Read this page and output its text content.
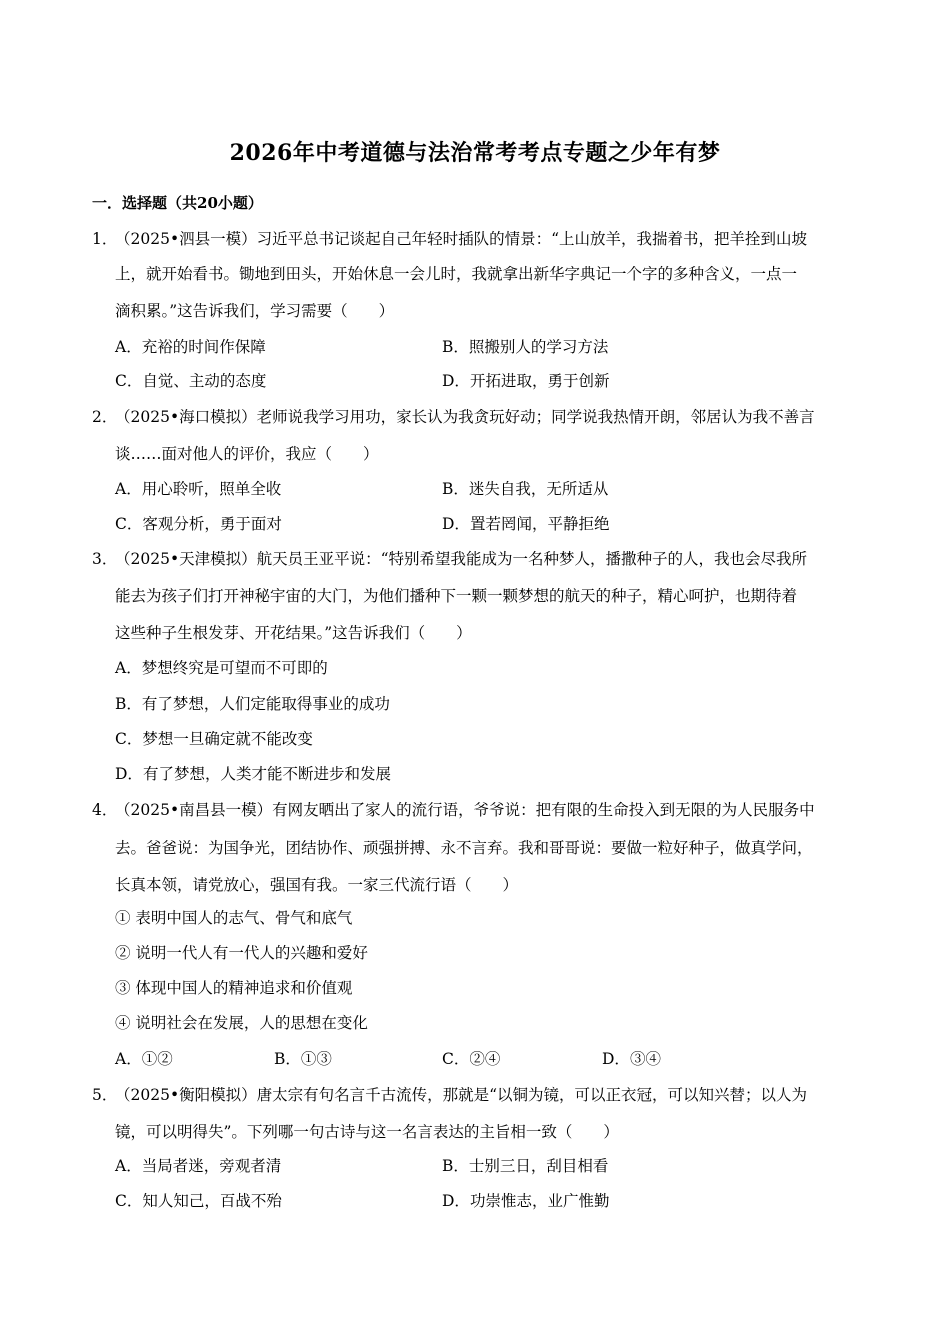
2026年中考道德与法治常考考点专题之少年有梦
一．选择题（共20小题）
1．
（2025•泗县一模）习近平总书记谈起自己年轻时插队的情景：“上山放羊，我揣着书，把羊拴到山坡
上，就开始看书。锄地到田头，开始休息一会儿时，我就拿出新华字典记一个字的多种含义，一点一
滴积累。”这告诉我们，学习需要（　　）
A．充裕的时间作保障	B．照搬别人的学习方法
C．自觉、主动的态度	D．开拓进取，勇于创新
2．
（2025•海口模拟）老师说我学习用功，家长认为我贪玩好动；同学说我热情开朗，邻居认为我不善言
谈……面对他人的评价，我应（　　）
A．用心聆听，照单全收	B．迷失自我，无所适从
C．客观分析，勇于面对	D．置若罔闻，平静拒绝
3．
（2025•天津模拟）航天员王亚平说：“特别希望我能成为一名种梦人，播撒种子的人，我也会尽我所
能去为孩子们打开神秘宇宙的大门，为他们播种下一颗一颗梦想的航天的种子，精心呵护，也期待着
这些种子生根发芽、开花结果。”这告诉我们（　　）
A．梦想终究是可望而不可即的
B．有了梦想，人们定能取得事业的成功
C．梦想一旦确定就不能改变
D．有了梦想，人类才能不断进步和发展
4．
（2025•南昌县一模）有网友晒出了家人的流行语，爷爷说：把有限的生命投入到无限的为人民服务中
去。爸爸说：为国争光，团结协作、顽强拼搏、永不言弃。我和哥哥说：要做一粒好种子，做真学问，
长真本领，请党放心，强国有我。一家三代流行语（　　）
① 表明中国人的志气、骨气和底气
② 说明一代人有一代人的兴趣和爱好
③ 体现中国人的精神追求和价值观
④ 说明社会在发展，人的思想在变化
A．①②	B．①③	C．②④	D．③④
5．
（2025•衡阳模拟）唐太宗有句名言千古流传，那就是“以铜为镜，可以正衣冠，可以知兴替；以人为
镜，可以明得失”。下列哪一句古诗与这一名言表达的主旨相一致（　　）
A．当局者迷，旁观者清	B．士别三日，刮目相看
C．知人知己，百战不殆	D．功崇惟志，业广惟勤
